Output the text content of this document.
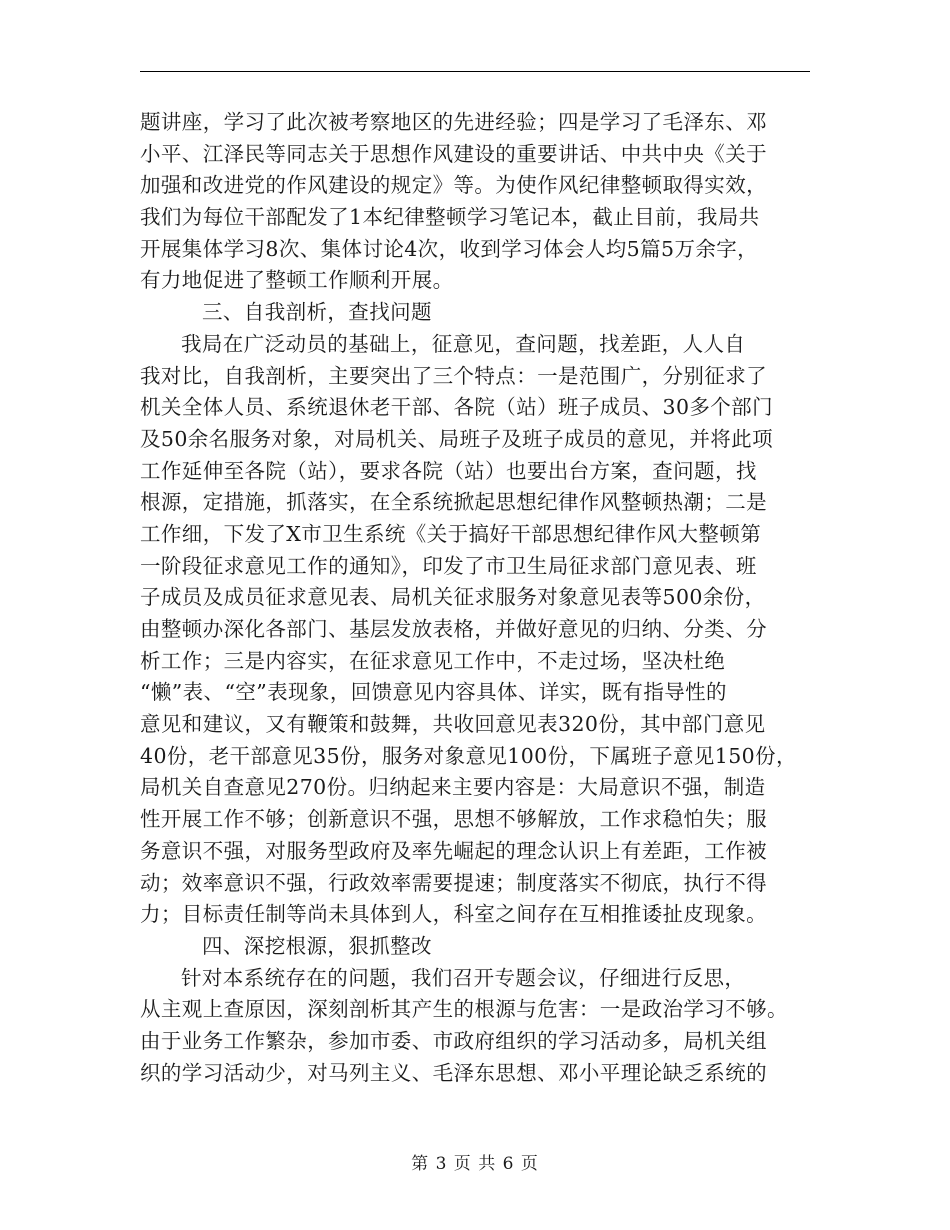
题讲座，学习了此次被考察地区的先进经验；四是学习了毛泽东、邓
小平、江泽民等同志关于思想作风建设的重要讲话、中共中央《关于
加强和改进党的作风建设的规定》等。为使作风纪律整顿取得实效，
我们为每位干部配发了1本纪律整顿学习笔记本，截止目前，我局共
开展集体学习8次、集体讨论4次，收到学习体会人均5篇5万余字，
有力地促进了整顿工作顺利开展。
三、自我剖析，查找问题
我局在广泛动员的基础上，征意见，查问题，找差距，人人自
我对比，自我剖析，主要突出了三个特点：一是范围广，分别征求了
机关全体人员、系统退休老干部、各院（站）班子成员、30多个部门
及50余名服务对象，对局机关、局班子及班子成员的意见，并将此项
工作延伸至各院（站），要求各院（站）也要出台方案，查问题，找
根源，定措施，抓落实，在全系统掀起思想纪律作风整顿热潮；二是
工作细，下发了X市卫生系统《关于搞好干部思想纪律作风大整顿第
一阶段征求意见工作的通知》，印发了市卫生局征求部门意见表、班
子成员及成员征求意见表、局机关征求服务对象意见表等500余份，
由整顿办深化各部门、基层发放表格，并做好意见的归纳、分类、分
析工作；三是内容实，在征求意见工作中，不走过场，坚决杜绝
“懒”表、“空”表现象，回馈意见内容具体、详实，既有指导性的
意见和建议，又有鞭策和鼓舞，共收回意见表320份，其中部门意见
40份，老干部意见35份，服务对象意见100份，下属班子意见150份，
局机关自查意见270份。归纳起来主要内容是：大局意识不强，制造
性开展工作不够；创新意识不强，思想不够解放，工作求稳怕失；服
务意识不强，对服务型政府及率先崛起的理念认识上有差距，工作被
动；效率意识不强，行政效率需要提速；制度落实不彻底，执行不得
力；目标责任制等尚未具体到人，科室之间存在互相推诿扯皮现象。
四、深挖根源，狠抓整改
针对本系统存在的问题，我们召开专题会议，仔细进行反思，
从主观上查原因，深刻剖析其产生的根源与危害：一是政治学习不够。
由于业务工作繁杂，参加市委、市政府组织的学习活动多，局机关组
织的学习活动少，对马列主义、毛泽东思想、邓小平理论缺乏系统的
第 3 页 共 6 页
